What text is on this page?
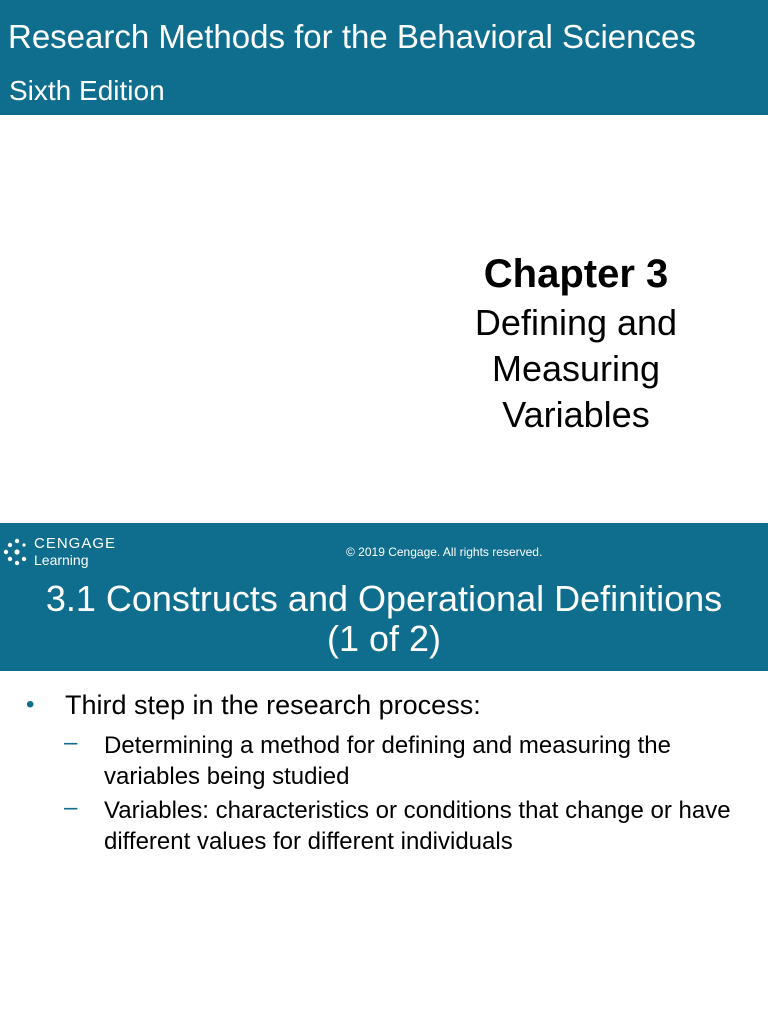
Research Methods for the Behavioral Sciences
Sixth Edition
Chapter 3
Defining and
Measuring
Variables
CENGAGE
Learning	© 2019 Cengage. All rights reserved.
3.1 Constructs and Operational Definitions
(1 of 2)
• Third step in the research process:
– Determining a method for defining and measuring the variables being studied
– Variables: characteristics or conditions that change or have different values for different individuals
